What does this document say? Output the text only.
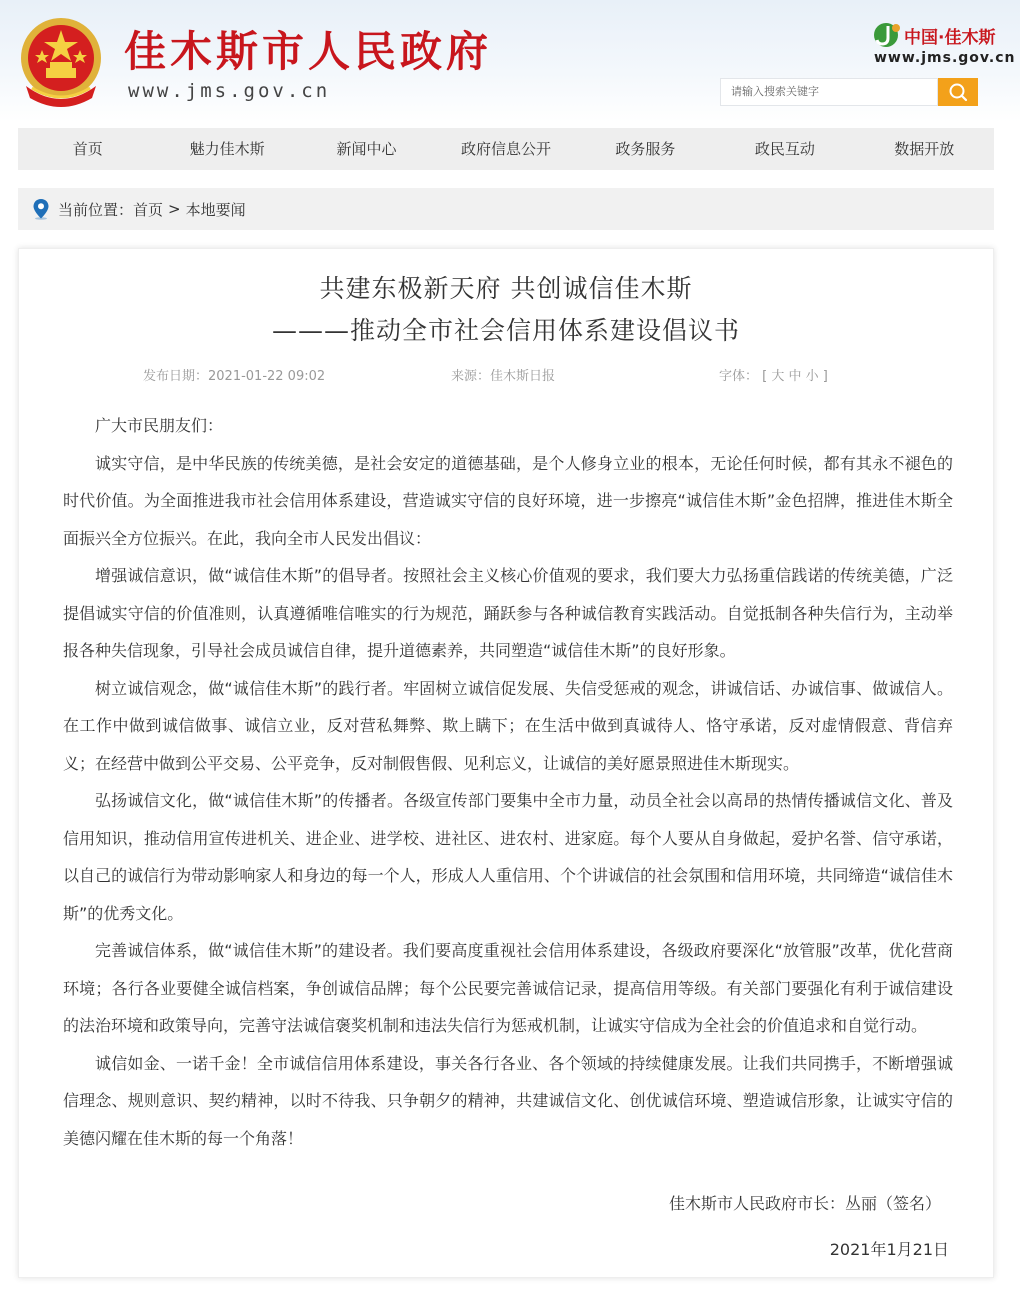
佳木斯市人民政府
www.jms.gov.cn
中国·佳木斯
www.jms.gov.cn
请输入搜索关键字
首页	魅力佳木斯	新闻中心	政府信息公开	政务服务	政民互动	数据开放
当前位置： 首页 > 本地要闻
共建东极新天府 共创诚信佳木斯
———推动全市社会信用体系建设倡议书
发布日期：2021-01-22 09:02	来源：佳木斯日报	字体： [ 大 中 小 ]

广大市民朋友们：

诚实守信，是中华民族的传统美德，是社会安定的道德基础，是个人修身立业的根本，无论任何时候，都有其永不褪色的时代价值。为全面推进我市社会信用体系建设，营造诚实守信的良好环境，进一步擦亮“诚信佳木斯”金色招牌，推进佳木斯全面振兴全方位振兴。在此，我向全市人民发出倡议：

增强诚信意识，做“诚信佳木斯”的倡导者。按照社会主义核心价值观的要求，我们要大力弘扬重信践诺的传统美德，广泛提倡诚实守信的价值准则，认真遵循唯信唯实的行为规范，踊跃参与各种诚信教育实践活动。自觉抵制各种失信行为，主动举报各种失信现象，引导社会成员诚信自律，提升道德素养，共同塑造“诚信佳木斯”的良好形象。

树立诚信观念，做“诚信佳木斯”的践行者。牢固树立诚信促发展、失信受惩戒的观念，讲诚信话、办诚信事、做诚信人。在工作中做到诚信做事、诚信立业，反对营私舞弊、欺上瞒下；在生活中做到真诚待人、恪守承诺，反对虚情假意、背信弃义；在经营中做到公平交易、公平竞争，反对制假售假、见利忘义，让诚信的美好愿景照进佳木斯现实。

弘扬诚信文化，做“诚信佳木斯”的传播者。各级宣传部门要集中全市力量，动员全社会以高昂的热情传播诚信文化、普及信用知识，推动信用宣传进机关、进企业、进学校、进社区、进农村、进家庭。每个人要从自身做起，爱护名誉、信守承诺，以自己的诚信行为带动影响家人和身边的每一个人，形成人人重信用、个个讲诚信的社会氛围和信用环境，共同缔造“诚信佳木斯”的优秀文化。

完善诚信体系，做“诚信佳木斯”的建设者。我们要高度重视社会信用体系建设，各级政府要深化“放管服”改革，优化营商环境；各行各业要健全诚信档案，争创诚信品牌；每个公民要完善诚信记录，提高信用等级。有关部门要强化有利于诚信建设的法治环境和政策导向，完善守法诚信褒奖机制和违法失信行为惩戒机制，让诚实守信成为全社会的价值追求和自觉行动。

诚信如金、一诺千金！全市诚信信用体系建设，事关各行各业、各个领域的持续健康发展。让我们共同携手，不断增强诚信理念、规则意识、契约精神，以时不待我、只争朝夕的精神，共建诚信文化、创优诚信环境、塑造诚信形象，让诚实守信的美德闪耀在佳木斯的每一个角落！

佳木斯市人民政府市长：丛丽（签名）
2021年1月21日
